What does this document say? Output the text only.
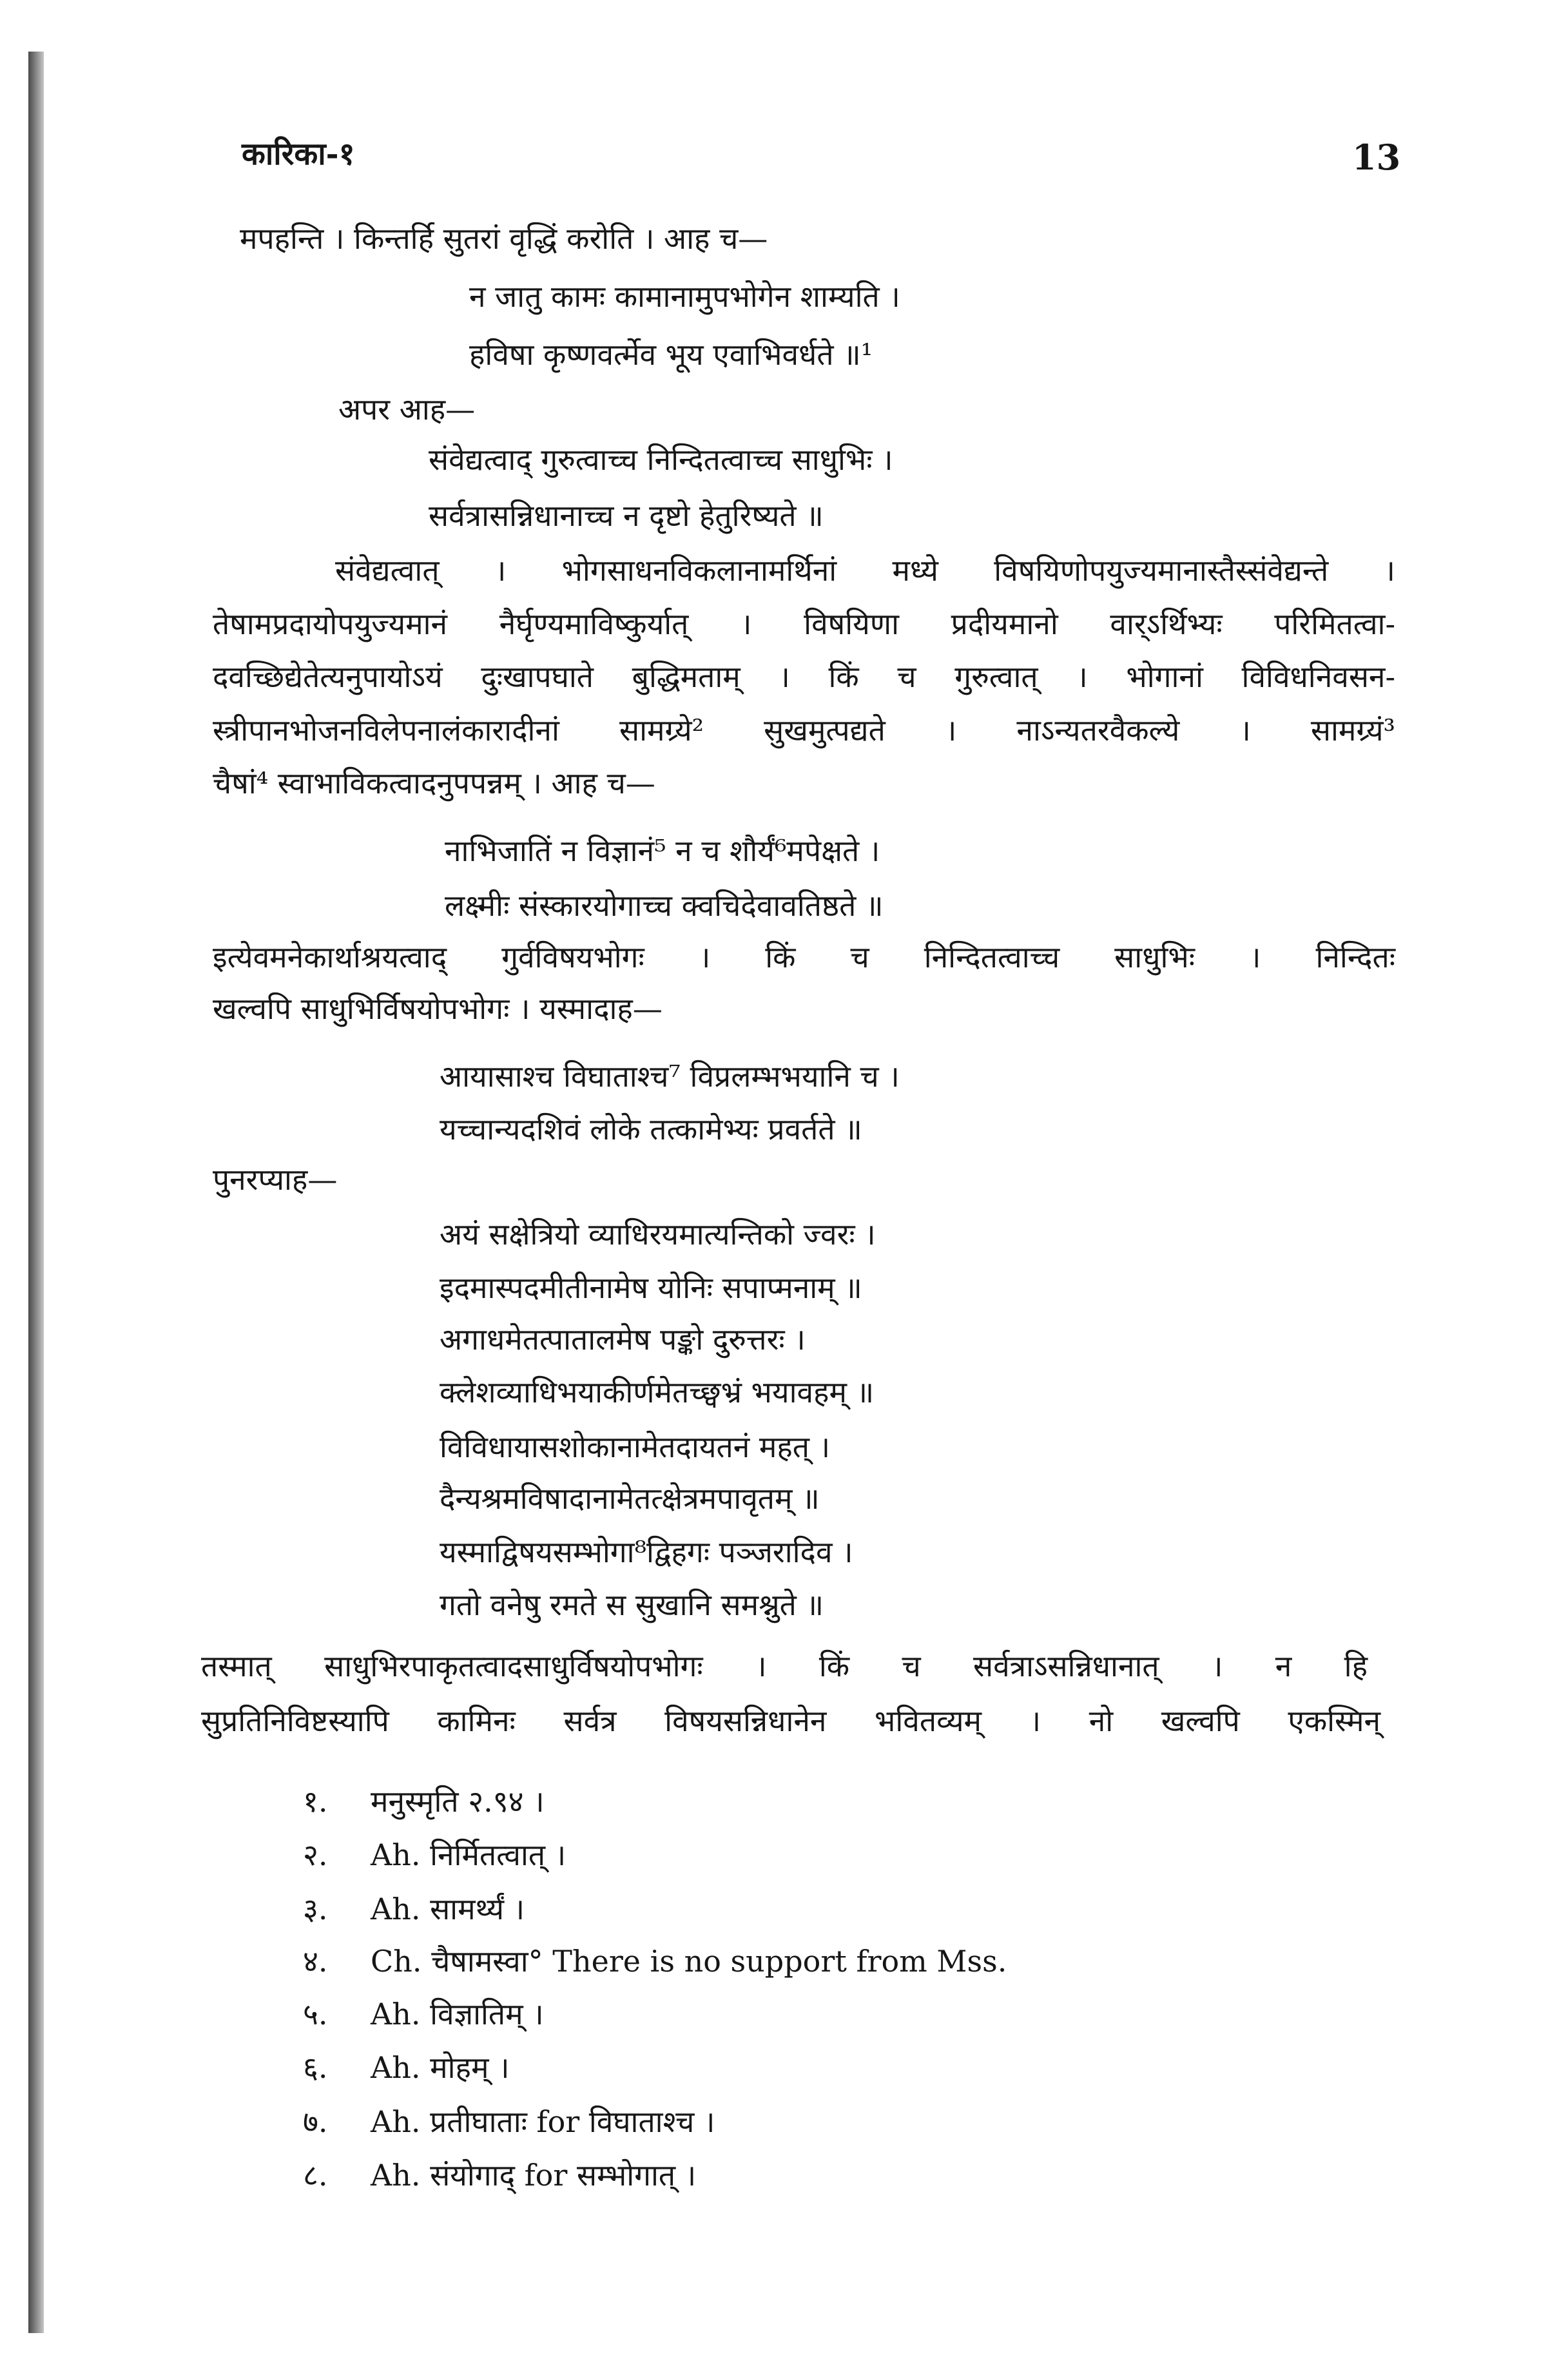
कारिका-१	13
मपहन्ति । किन्तर्हि सुतरां वृद्धिं करोति । आह च—
न जातु कामः कामानामुपभोगेन शाम्यति ।
हविषा कृष्णवर्त्मेव भूय एवाभिवर्धते ॥¹
अपर आह—
संवेद्यत्वाद् गुरुत्वाच्च निन्दितत्वाच्च साधुभिः ।
सर्वत्रासन्निधानाच्च न दृष्टो हेतुरिष्यते ॥
संवेद्यत्वात् । भोगसाधनविकलानामर्थिनां मध्ये विषयिणोपयुज्यमानास्तैस्संवेद्यन्ते ।
तेषामप्रदायोपयुज्यमानं नैर्घृण्यमाविष्कुर्यात् । विषयिणा प्रदीयमानो वार्ऽर्थिभ्यः परिमितत्वा-
दवच्छिद्येतेत्यनुपायोऽयं दुःखापघाते बुद्धिमताम् । किं च गुरुत्वात् । भोगानां विविधनिवसन-
स्त्रीपानभोजनविलेपनालंकारादीनां सामग्र्ये² सुखमुत्पद्यते । नाऽन्यतरवैकल्ये । सामग्र्यं³
चैषां⁴ स्वाभाविकत्वादनुपपन्नम् । आह च—
नाभिजातिं न विज्ञानं⁵ न च शौर्यं⁶मपेक्षते ।
लक्ष्मीः संस्कारयोगाच्च क्वचिदेवावतिष्ठते ॥
इत्येवमनेकार्थाश्रयत्वाद् गुर्वविषयभोगः । किं च निन्दितत्वाच्च साधुभिः । निन्दितः
खल्वपि साधुभिर्विषयोपभोगः । यस्मादाह—
आयासाश्च विघाताश्च⁷ विप्रलम्भभयानि च ।
यच्चान्यदशिवं लोके तत्कामेभ्यः प्रवर्तते ॥
पुनरप्याह—
अयं सक्षेत्रियो व्याधिरयमात्यन्तिको ज्वरः ।
इदमास्पदमीतीनामेष योनिः सपाप्मनाम् ॥
अगाधमेतत्पातालमेष पङ्को दुरुत्तरः ।
क्लेशव्याधिभयाकीर्णमेतच्छ्वभ्रं भयावहम् ॥
विविधायासशोकानामेतदायतनं महत् ।
दैन्यश्रमविषादानामेतत्क्षेत्रमपावृतम् ॥
यस्माद्विषयसम्भोगा⁸द्विहगः पञ्जरादिव ।
गतो वनेषु रमते स सुखानि समश्नुते ॥
तस्मात् साधुभिरपाकृतत्वादसाधुर्विषयोपभोगः । किं च सर्वत्राऽसन्निधानात् । न हि
सुप्रतिनिविष्टस्यापि कामिनः सर्वत्र विषयसन्निधानेन भवितव्यम् । नो खल्वपि एकस्मिन्
१. मनुस्मृति २.९४ ।
२. Ah. निर्मितत्वात् ।
३. Ah. सामर्थ्यं ।
४. Ch. चैषामस्वा° There is no support from Mss.
५. Ah. विज्ञातिम् ।
६. Ah. मोहम् ।
७. Ah. प्रतीघाताः for विघाताश्च ।
८. Ah. संयोगाद् for सम्भोगात् ।
